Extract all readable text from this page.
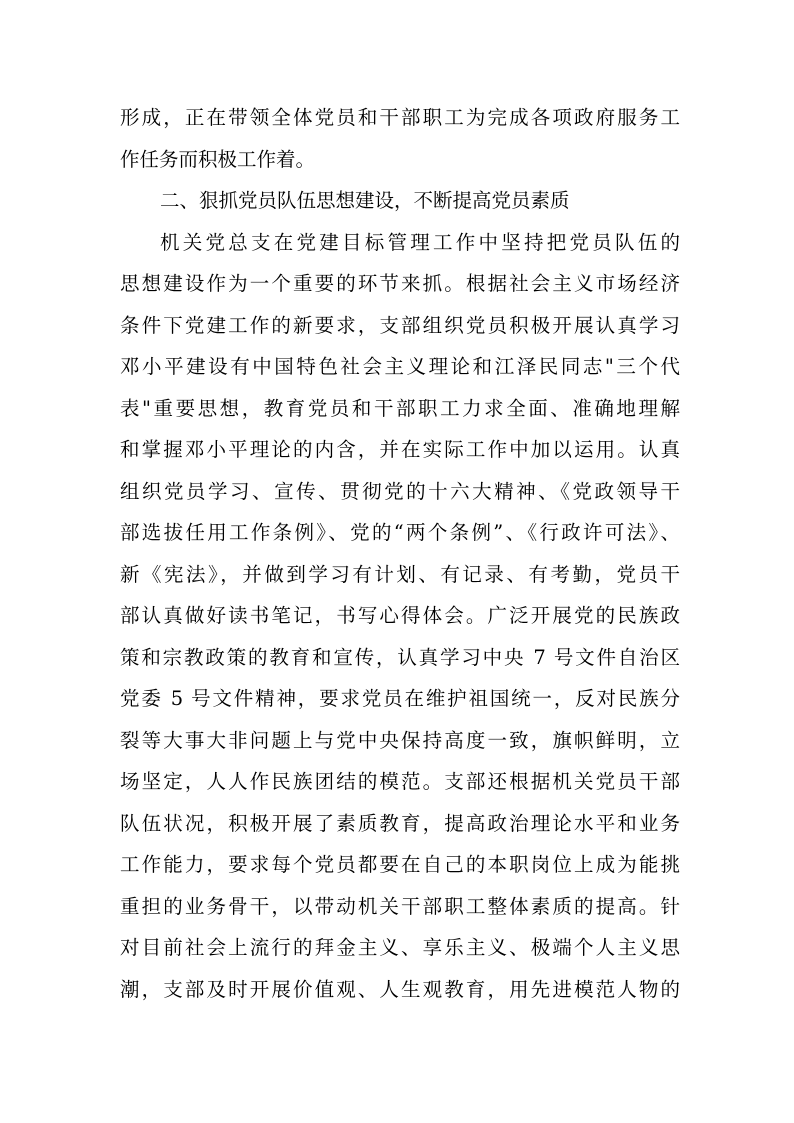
形成，正在带领全体党员和干部职工为完成各项政府服务工
作任务而积极工作着。
二、狠抓党员队伍思想建设，不断提高党员素质
机关党总支在党建目标管理工作中坚持把党员队伍的
思想建设作为一个重要的环节来抓。根据社会主义市场经济
条件下党建工作的新要求，支部组织党员积极开展认真学习
邓小平建设有中国特色社会主义理论和江泽民同志"三个代
表"重要思想，教育党员和干部职工力求全面、准确地理解
和掌握邓小平理论的内含，并在实际工作中加以运用。认真
组织党员学习、宣传、贯彻党的十六大精神、《党政领导干
部选拔任用工作条例》、党的“两个条例”、《行政许可法》、
新《宪法》，并做到学习有计划、有记录、有考勤，党员干
部认真做好读书笔记，书写心得体会。广泛开展党的民族政
策和宗教政策的教育和宣传，认真学习中央 7 号文件自治区
党委 5 号文件精神，要求党员在维护祖国统一，反对民族分
裂等大事大非问题上与党中央保持高度一致，旗帜鲜明，立
场坚定，人人作民族团结的模范。支部还根据机关党员干部
队伍状况，积极开展了素质教育，提高政治理论水平和业务
工作能力，要求每个党员都要在自己的本职岗位上成为能挑
重担的业务骨干，以带动机关干部职工整体素质的提高。针
对目前社会上流行的拜金主义、享乐主义、极端个人主义思
潮，支部及时开展价值观、人生观教育，用先进模范人物的
